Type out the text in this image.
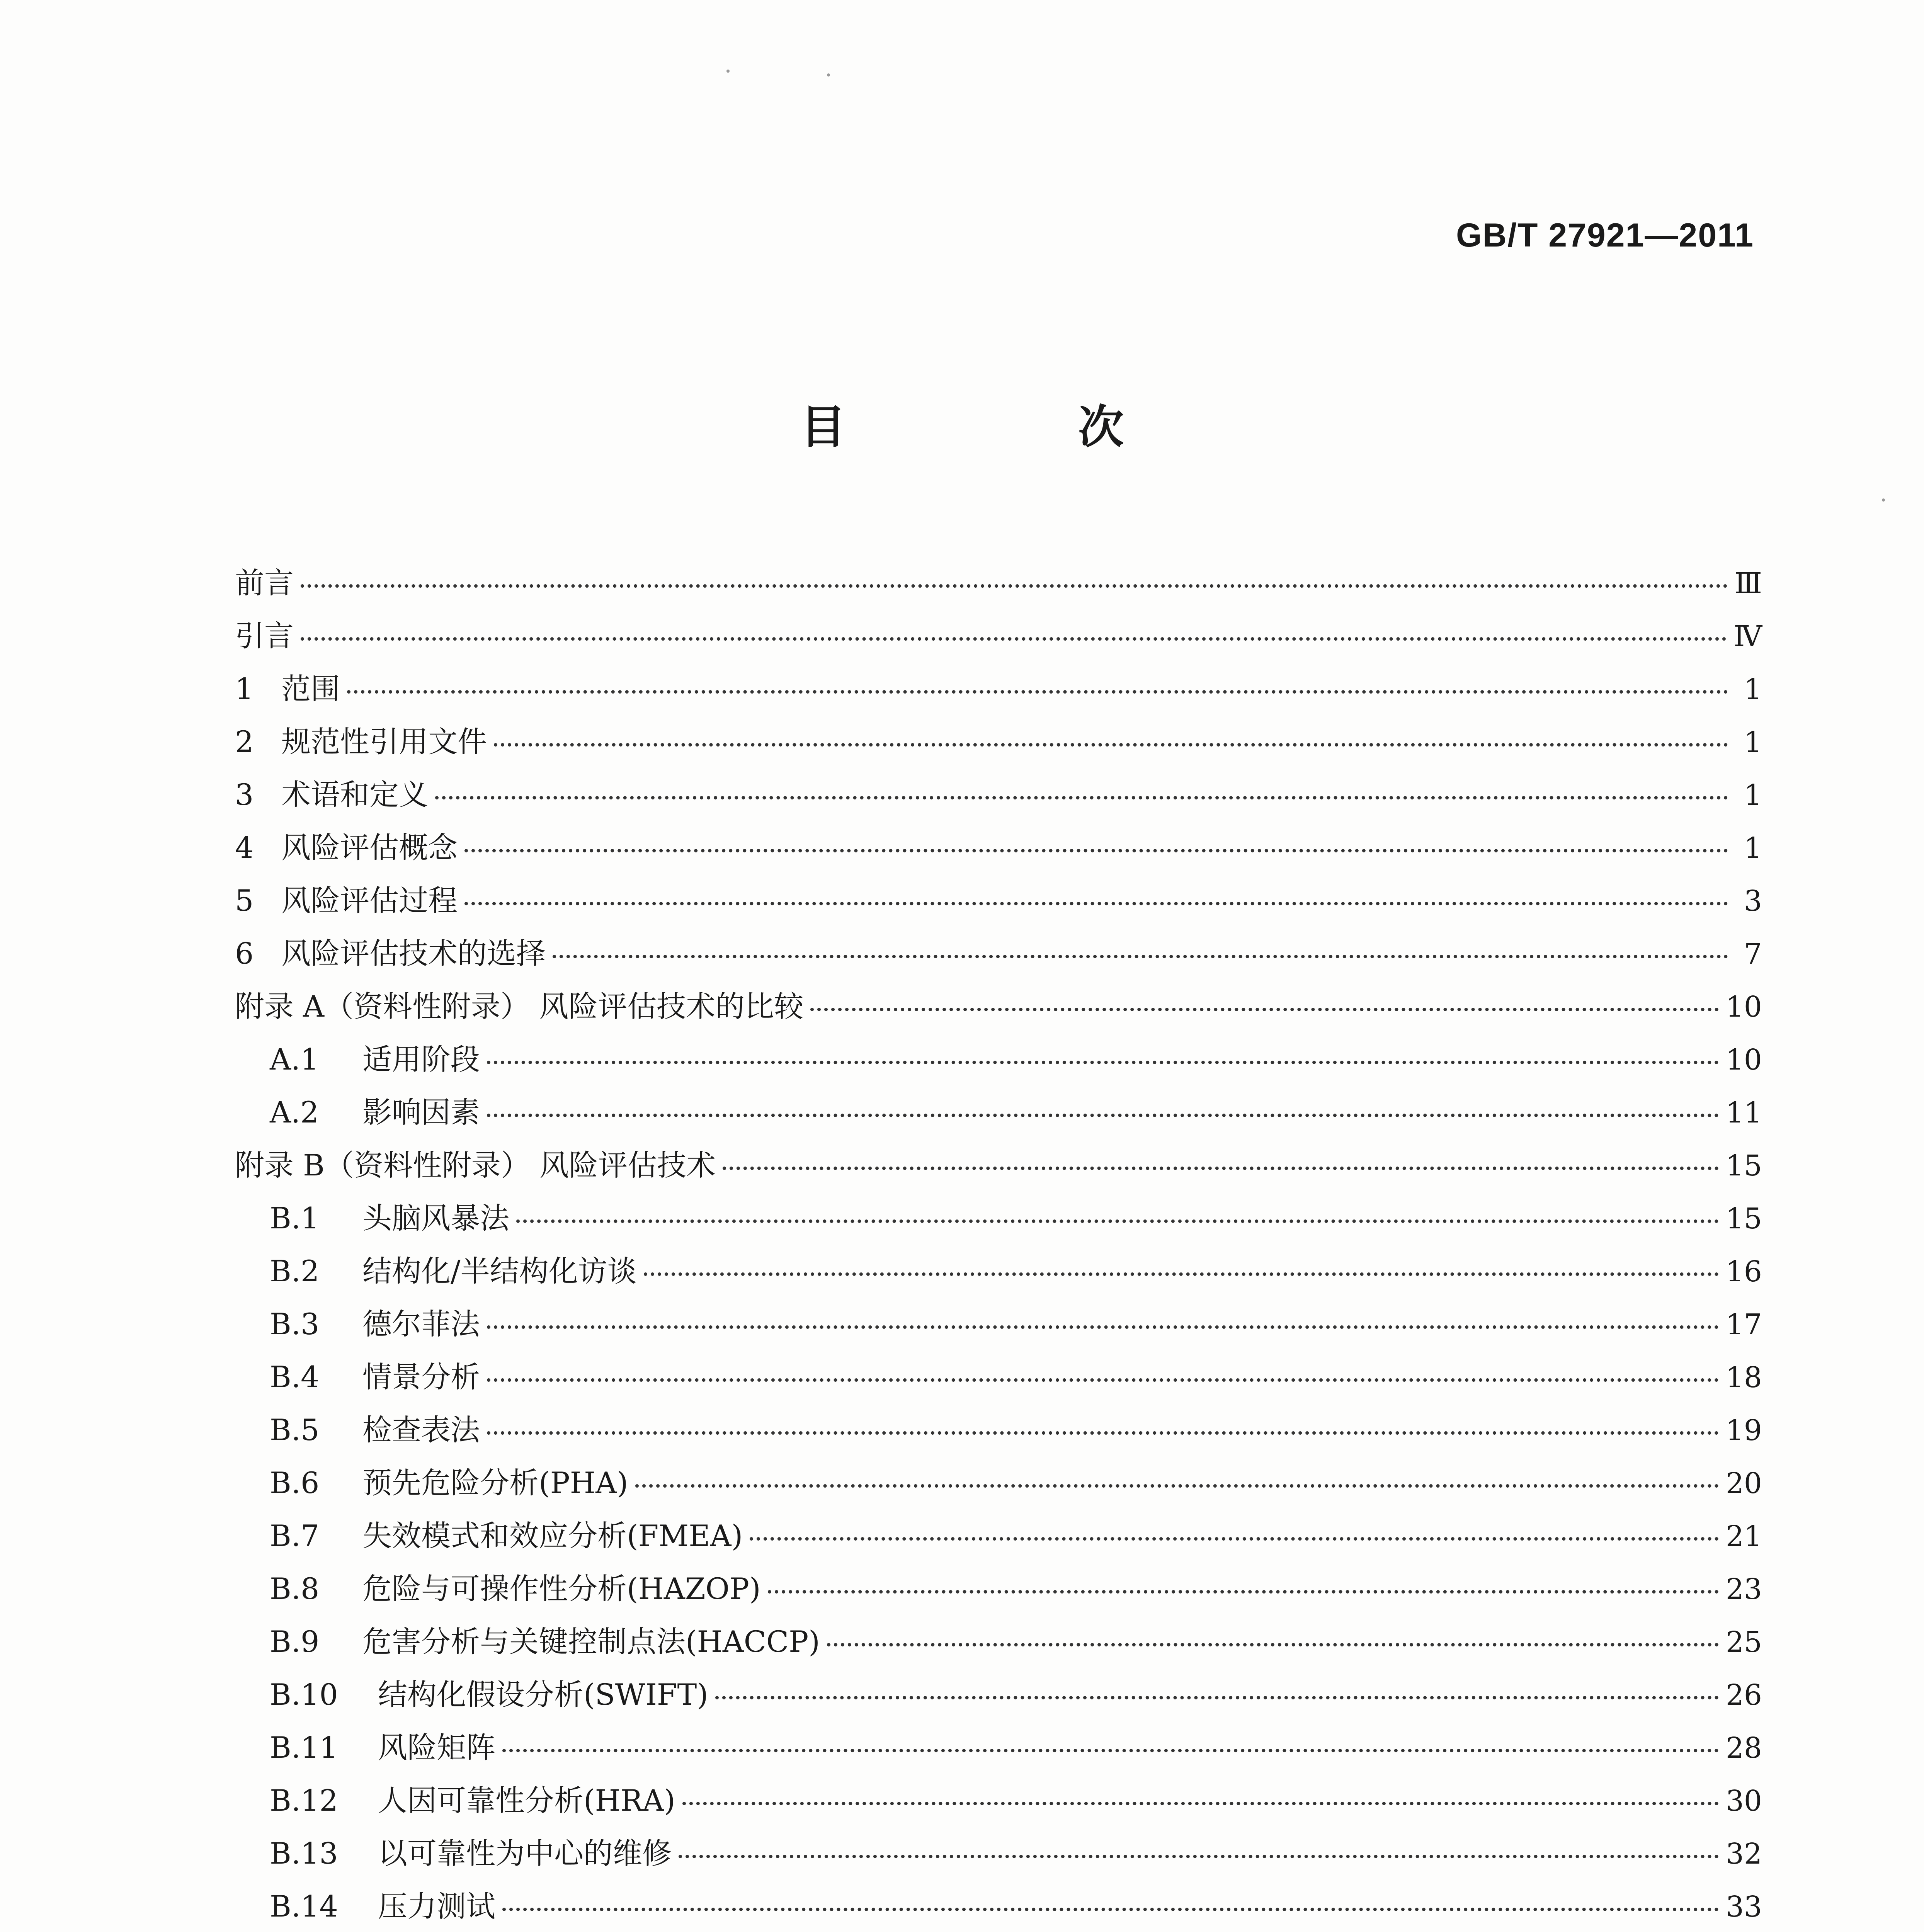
GB/T 27921—2011
目 次
前言	Ⅲ
引言	Ⅳ
1 范围	1
2 规范性引用文件	1
3 术语和定义	1
4 风险评估概念	1
5 风险评估过程	3
6 风险评估技术的选择	7
附录 A（资料性附录） 风险评估技术的比较	10
A.1	适用阶段	10
A.2	影响因素	11
附录 B（资料性附录） 风险评估技术	15
B.1	头脑风暴法	15
B.2	结构化/半结构化访谈	16
B.3	德尔菲法	17
B.4	情景分析	18
B.5	检查表法	19
B.6	预先危险分析(PHA)	20
B.7	失效模式和效应分析(FMEA)	21
B.8	危险与可操作性分析(HAZOP)	23
B.9	危害分析与关键控制点法(HACCP)	25
B.10	结构化假设分析(SWIFT)	26
B.11	风险矩阵	28
B.12	人因可靠性分析(HRA)	30
B.13	以可靠性为中心的维修	32
B.14	压力测试	33
